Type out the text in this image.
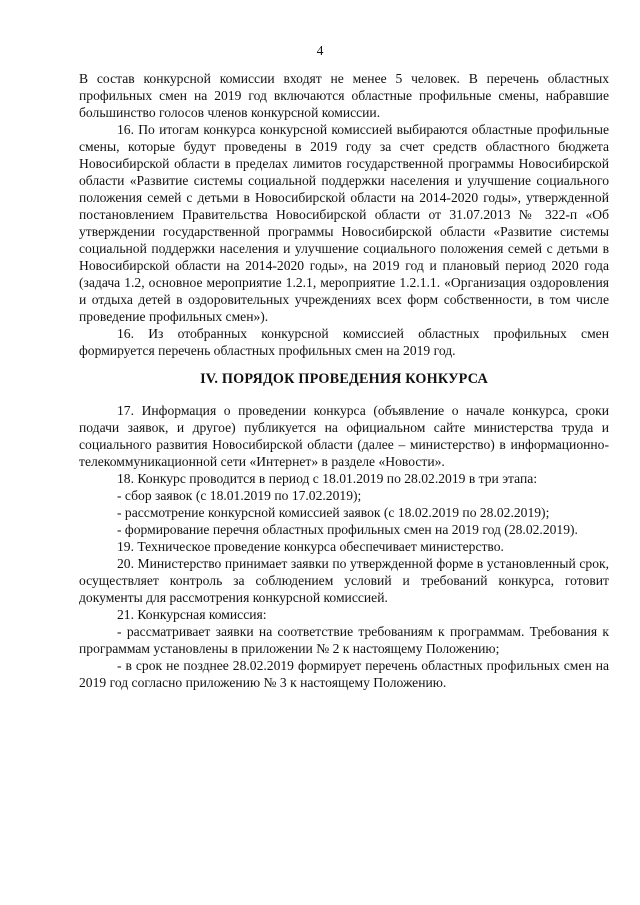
4

В состав конкурсной комиссии входят не менее 5 человек. В перечень областных профильных смен на 2019 год включаются областные профильные смены, набравшие большинство голосов членов конкурсной комиссии.

16. По итогам конкурса конкурсной комиссией выбираются областные профильные смены, которые будут проведены в 2019 году за счет средств областного бюджета Новосибирской области в пределах лимитов государственной программы Новосибирской области «Развитие системы социальной поддержки населения и улучшение социального положения семей с детьми в Новосибирской области на 2014-2020 годы», утвержденной постановлением Правительства Новосибирской области от 31.07.2013 № 322-п «Об утверждении государственной программы Новосибирской области «Развитие системы социальной поддержки населения и улучшение социального положения семей с детьми в Новосибирской области на 2014-2020 годы», на 2019 год и плановый период 2020 года (задача 1.2, основное мероприятие 1.2.1, мероприятие 1.2.1.1. «Организация оздоровления и отдыха детей в оздоровительных учреждениях всех форм собственности, в том числе проведение профильных смен»).

16. Из отобранных конкурсной комиссией областных профильных смен формируется перечень областных профильных смен на 2019 год.

IV. ПОРЯДОК ПРОВЕДЕНИЯ КОНКУРСА

17. Информация о проведении конкурса (объявление о начале конкурса, сроки подачи заявок, и другое) публикуется на официальном сайте министерства труда и социального развития Новосибирской области (далее – министерство) в информационно-телекоммуникационной сети «Интернет» в разделе «Новости».

18. Конкурс проводится в период с 18.01.2019 по 28.02.2019 в три этапа:

- сбор заявок (с 18.01.2019 по 17.02.2019);

- рассмотрение конкурсной комиссией заявок (с 18.02.2019 по 28.02.2019);

- формирование перечня областных профильных смен на 2019 год (28.02.2019).

19. Техническое проведение конкурса обеспечивает министерство.

20. Министерство принимает заявки по утвержденной форме в установленный срок, осуществляет контроль за соблюдением условий и требований конкурса, готовит документы для рассмотрения конкурсной комиссией.

21. Конкурсная комиссия:

- рассматривает заявки на соответствие требованиям к программам. Требования к программам установлены в приложении № 2 к настоящему Положению;

- в срок не позднее 28.02.2019 формирует перечень областных профильных смен на 2019 год согласно приложению № 3 к настоящему Положению.
